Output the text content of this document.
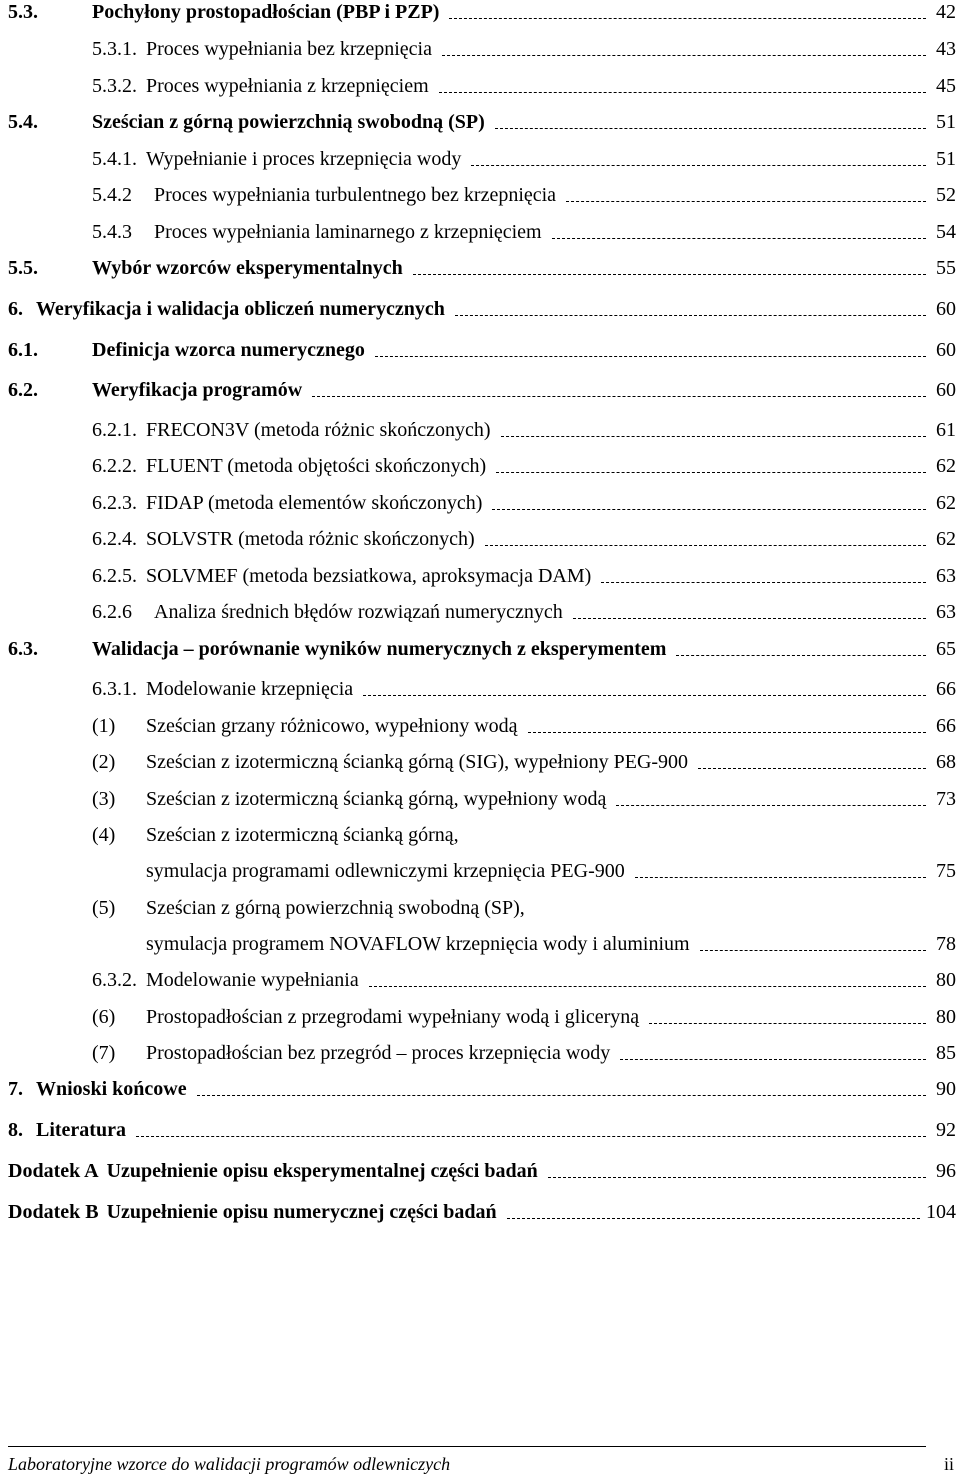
5.3.	Pochyłony prostopadłościan (PBP i PZP)	42
5.3.1. Proces wypełniania bez krzepnięcia	43
5.3.2. Proces wypełniania z krzepnięciem	45
5.4.	Sześcian z górną powierzchnią swobodną (SP)	51
5.4.1. Wypełnianie i proces krzepnięcia wody	51
5.4.2	Proces wypełniania turbulentnego bez krzepnięcia	52
5.4.3	Proces wypełniania laminarnego z krzepnięciem	54
5.5.	Wybór wzorców eksperymentalnych	55
6. Weryfikacja i walidacja obliczeń numerycznych	60
6.1.	Definicja wzorca numerycznego	60
6.2.	Weryfikacja programów	60
6.2.1. FRECON3V (metoda różnic skończonych)	61
6.2.2. FLUENT (metoda objętości skończonych)	62
6.2.3. FIDAP (metoda elementów skończonych)	62
6.2.4. SOLVSTR (metoda różnic skończonych)	62
6.2.5. SOLVMEF (metoda bezsiatkowa, aproksymacja DAM)	63
6.2.6	Analiza średnich błędów rozwiązań numerycznych	63
6.3.	Walidacja – porównanie wyników numerycznych z eksperymentem	65
6.3.1. Modelowanie krzepnięcia	66
(1)	Sześcian grzany różnicowo, wypełniony wodą	66
(2)	Sześcian z izotermiczną ścianką górną (SIG), wypełniony PEG-900	68
(3)	Sześcian z izotermiczną ścianką górną, wypełniony wodą	73
(4)	Sześcian z izotermiczną ścianką górną,
symulacja programami odlewniczymi krzepnięcia PEG-900	75
(5)	Sześcian z górną powierzchnią swobodną (SP),
symulacja programem NOVAFLOW krzepnięcia wody i aluminium	78
6.3.2. Modelowanie wypełniania	80
(6)	Prostopadłościan z przegrodami wypełniany wodą i gliceryną	80
(7)	Prostopadłościan bez przegród – proces krzepnięcia wody	85
7. Wnioski końcowe	90
8. Literatura	92
Dodatek A Uzupełnienie opisu eksperymentalnej części badań	96
Dodatek B Uzupełnienie opisu numerycznej części badań	104
Laboratoryjne wzorce do walidacji programów odlewniczych	ii
